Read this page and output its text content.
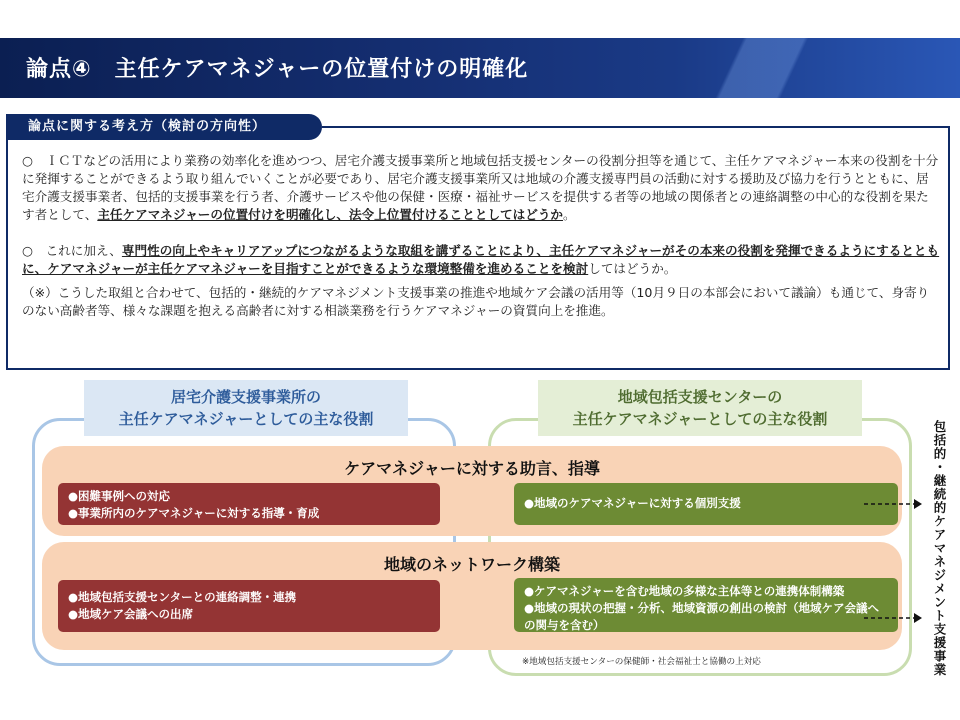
論点④　主任ケアマネジャーの位置付けの明確化
論点に関する考え方（検討の方向性）

○　ＩＣＴなどの活用により業務の効率化を進めつつ、居宅介護支援事業所と地域包括支援センターの役割分担等を通じて、主任ケアマネジャー本来の役割を十分に発揮することができるよう取り組んでいくことが必要であり、居宅介護支援事業所又は地域の介護支援専門員の活動に対する援助及び協力を行うとともに、居宅介護支援事業者、包括的支援事業を行う者、介護サービスや他の保健・医療・福祉サービスを提供する者等の地域の関係者との連絡調整の中心的な役割を果たす者として、主任ケアマネジャーの位置付けを明確化し、法令上位置付けることとしてはどうか。

○　これに加え、専門性の向上やキャリアアップにつながるような取組を講ずることにより、主任ケアマネジャーがその本来の役割を発揮できるようにするとともに、ケアマネジャーが主任ケアマネジャーを目指すことができるような環境整備を進めることを検討してはどうか。

（※）こうした取組と合わせて、包括的・継続的ケアマネジメント支援事業の推進や地域ケア会議の活用等（10月９日の本部会において議論）も通じて、身寄りのない高齢者等、様々な課題を抱える高齢者に対する相談業務を行うケアマネジャーの資質向上を推進。

居宅介護支援事業所の
主任ケアマネジャーとしての主な役割
地域包括支援センターの
主任ケアマネジャーとしての主な役割
ケアマネジャーに対する助言、指導
地域のネットワーク構築
●困難事例への対応
●事業所内のケアマネジャーに対する指導・育成
●地域のケアマネジャーに対する個別支援
●地域包括支援センターとの連絡調整・連携
●地域ケア会議への出席
●ケアマネジャーを含む地域の多様な主体等との連携体制構築
●地域の現状の把握・分析、地域資源の創出の検討（地域ケア会議への関与を含む）
※地域包括支援センターの保健師・社会福祉士と協働の上対応	包括的・継続的ケアマネジメント支援事業
